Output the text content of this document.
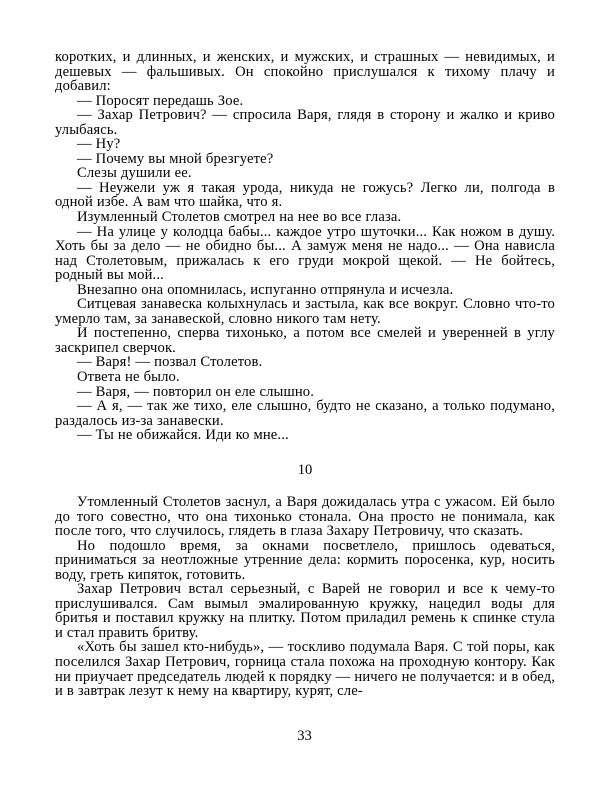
коротких, и длинных, и женских, и мужских, и страшных — невидимых, и дешевых — фальшивых. Он спокойно прислушался к тихому плачу и добавил:

— Поросят передашь Зое.

— Захар Петрович? — спросила Варя, глядя в сторону и жалко и криво улыбаясь.

— Ну?

— Почему вы мной брезгуете?

Слезы душили ее.

— Неужели уж я такая урода, никуда не гожусь? Легко ли, полгода в одной избе. А вам что шайка, что я.

Изумленный Столетов смотрел на нее во все глаза.

— На улице у колодца бабы... каждое утро шуточки... Как ножом в душу. Хоть бы за дело — не обидно бы... А замуж меня не надо... — Она нависла над Столетовым, прижалась к его груди мокрой щекой. — Не бойтесь, родный вы мой...

Внезапно она опомнилась, испуганно отпрянула и исчезла.

Ситцевая занавеска колыхнулась и застыла, как все вокруг. Словно что-то умерло там, за занавеской, словно никого там нету.

И постепенно, сперва тихонько, а потом все смелей и уверенней в углу заскрипел сверчок.

— Варя! — позвал Столетов.

Ответа не было.

— Варя, — повторил он еле слышно.

— А я, — так же тихо, еле слышно, будто не сказано, а только подумано, раздалось из-за занавески.

— Ты не обижайся. Иди ко мне...

10

Утомленный Столетов заснул, а Варя дожидалась утра с ужасом. Ей было до того совестно, что она тихонько стонала. Она просто не понимала, как после того, что случилось, глядеть в глаза Захару Петровичу, что сказать.

Но подошло время, за окнами посветлело, пришлось одеваться, приниматься за неотложные утренние дела: кормить поросенка, кур, носить воду, греть кипяток, готовить.

Захар Петрович встал серьезный, с Варей не говорил и все к чему-то прислушивался. Сам вымыл эмалированную кружку, нацедил воды для бритья и поставил кружку на плитку. Потом приладил ремень к спинке стула и стал править бритву.

«Хоть бы зашел кто-нибудь», — тоскливо подумала Варя. С той поры, как поселился Захар Петрович, горница стала похожа на проходную контору. Как ни приучает председатель людей к порядку — ничего не получается: и в обед, и в завтрак лезут к нему на квартиру, курят, сле-

33
